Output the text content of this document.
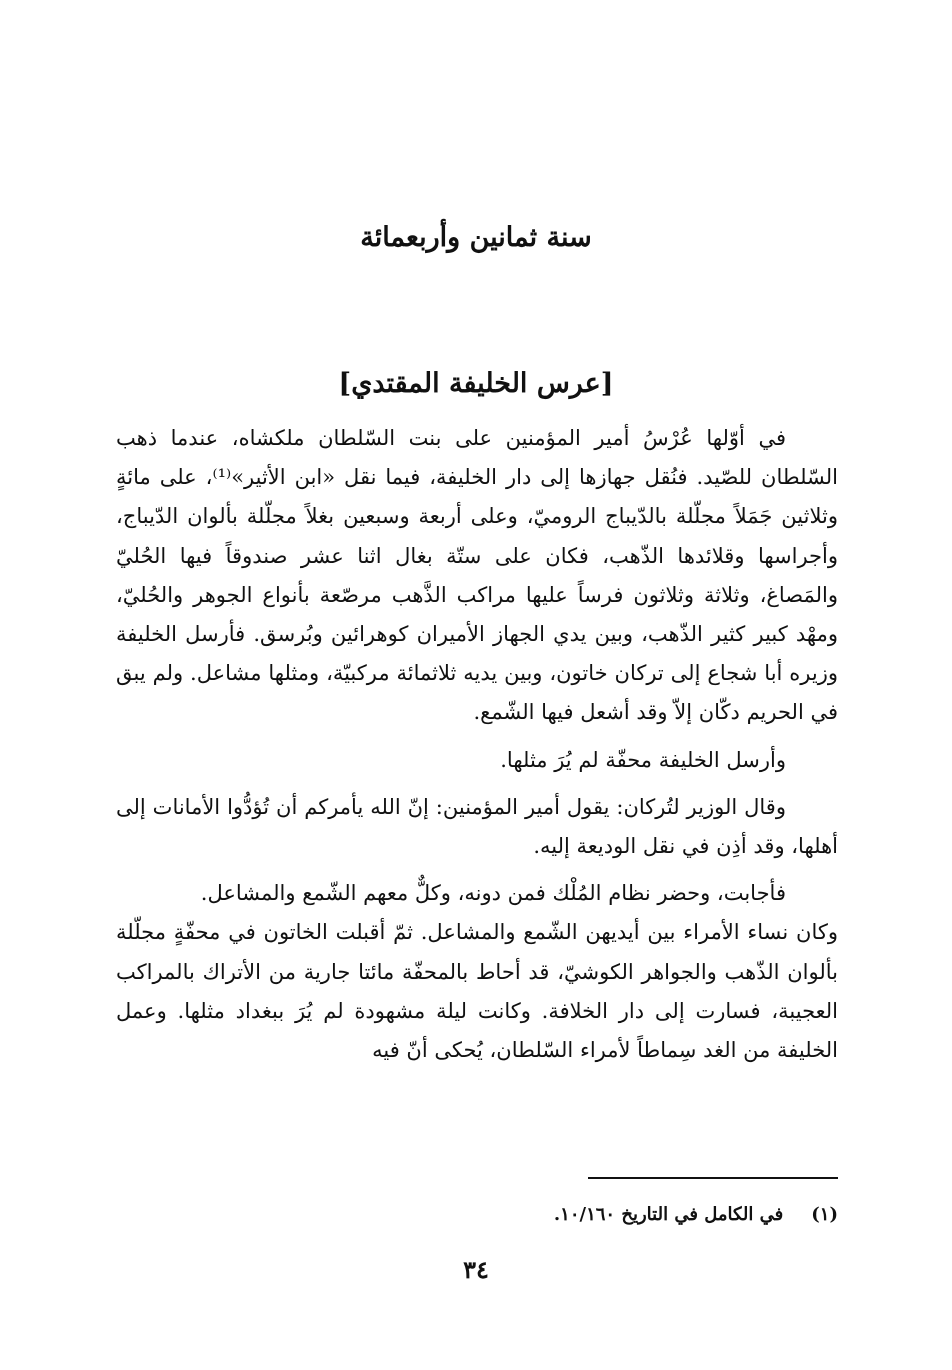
سنة ثمانين وأربعمائة
[عرس الخليفة المقتدي]

في أوّلها عُرْسُ أمير المؤمنين على بنت السّلطان ملكشاه، عندما ذهب السّلطان للصّيد. فنُقل جهازها إلى دار الخليفة، فيما نقل «ابن الأثير»⁽¹⁾، على مائةٍ وثلاثين جَمَلاً مجلّلة بالدّيباج الروميّ، وعلى أربعة وسبعين بغلاً مجلّلة بألوان الدّيباج، وأجراسها وقلائدها الذّهب، فكان على ستّة بغال اثنا عشر صندوقاً فيها الحُليّ والمَصاغ، وثلاثة وثلاثون فرساً عليها مراكب الذَّهب مرصّعة بأنواع الجوهر والحُليّ، ومهْد كبير كثير الذّهب، وبين يدي الجهاز الأميران كوهرائين وبُرسق. فأرسل الخليفة وزيره أبا شجاع إلى تركان خاتون، وبين يديه ثلاثمائة مركبيّة، ومثلها مشاعل. ولم يبق في الحريم دكّان إلاّ وقد أشعل فيها الشّمع.

وأرسل الخليفة محفّة لم يُرَ مثلها.

وقال الوزير لتُركان: يقول أمير المؤمنين: إنّ الله يأمركم أن تُؤدُّوا الأمانات إلى أهلها، وقد أذِن في نقل الوديعة إليه.

فأجابت، وحضر نظام المُلْك فمن دونه، وكلٌّ معهم الشّمع والمشاعل.

وكان نساء الأمراء بين أيديهن الشّمع والمشاعل. ثمّ أقبلت الخاتون في محفّةٍ مجلّلة بألوان الذّهب والجواهر الكوشيّ، قد أحاط بالمحفّة مائتا جارية من الأتراك بالمراكب العجيبة، فسارت إلى دار الخلافة. وكانت ليلة مشهودة لم يُرَ ببغداد مثلها. وعمل الخليفة من الغد سِماطاً لأمراء السّلطان، يُحكى أنّ فيه

(١)في الكامل في التاريخ ١٠/١٦٠.
٣٤
